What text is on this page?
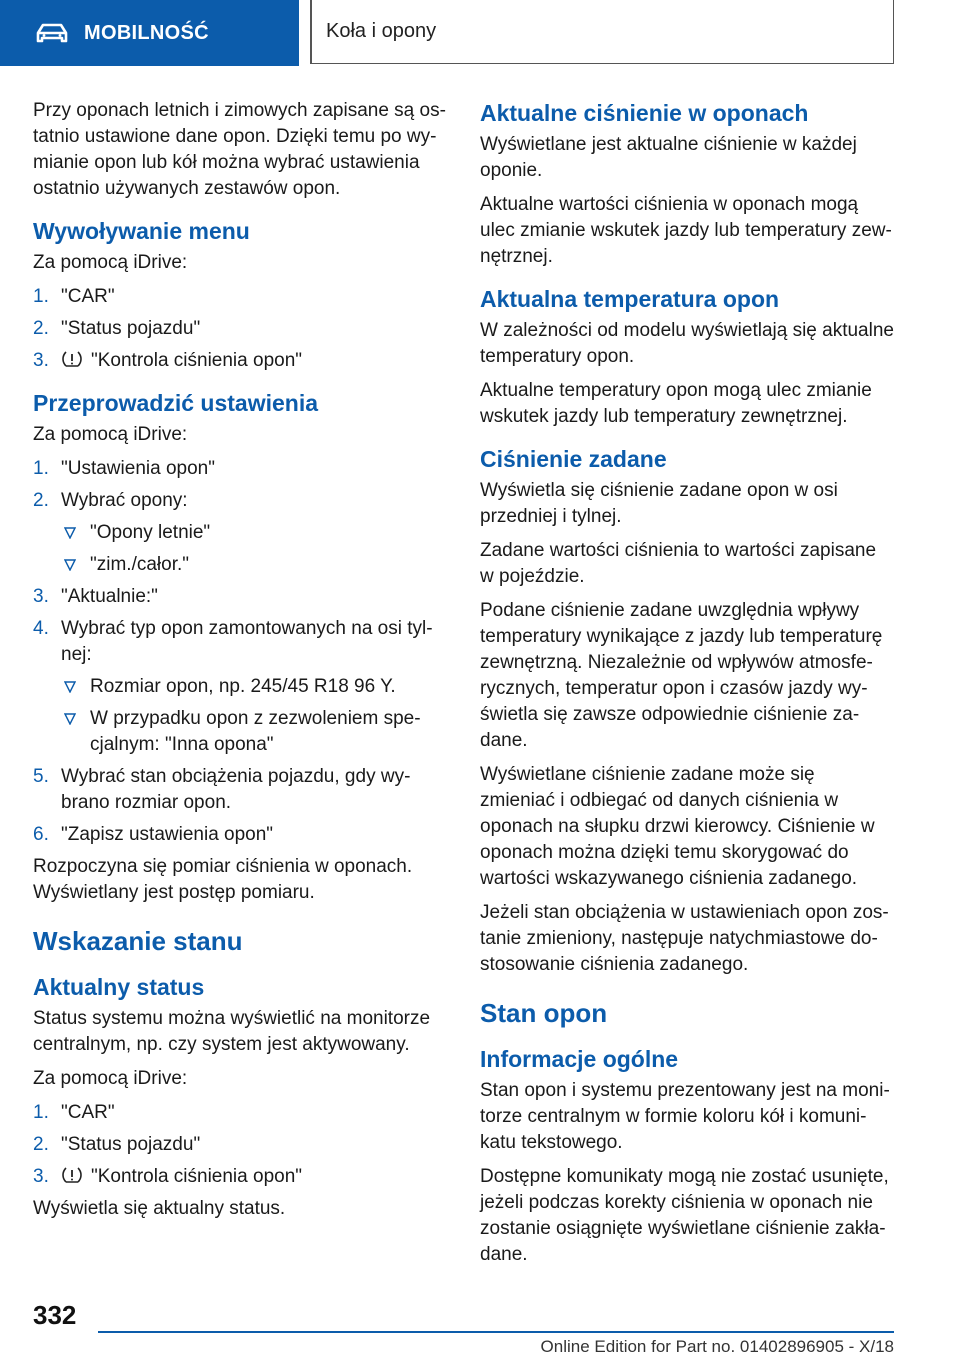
MOBILNOŚĆ	Koła i opony

Przy oponach letnich i zimowych zapisane są ostatnio ustawione dane opon. Dzięki temu po wymianie opon lub kół można wybrać ustawienia ostatnio używanych zestawów opon.

Wywoływanie menu

Za pomocą iDrive:

1. "CAR"
2. "Status pojazdu"
3. "Kontrola ciśnienia opon"
Przeprowadzić ustawienia

Za pomocą iDrive:

1. "Ustawienia opon"
2. Wybrać opony:
"Opony letnie"
"zim./całor."
3. "Aktualnie:"
4. Wybrać typ opon zamontowanych na osi tylnej:
Rozmiar opon, np. 245/45 R18 96 Y.
W przypadku opon z zezwoleniem specjalnym: "Inna opona"
5. Wybrać stan obciążenia pojazdu, gdy wybrano rozmiar opon.
6. "Zapisz ustawienia opon"

Rozpoczyna się pomiar ciśnienia w oponach. Wyświetlany jest postęp pomiaru.

Wskazanie stanu
Aktualny status

Status systemu można wyświetlić na monitorze centralnym, np. czy system jest aktywowany.

Za pomocą iDrive:

1. "CAR"
2. "Status pojazdu"
3. "Kontrola ciśnienia opon"

Wyświetla się aktualny status.

Aktualne ciśnienie w oponach

Wyświetlane jest aktualne ciśnienie w każdej oponie.

Aktualne wartości ciśnienia w oponach mogą ulec zmianie wskutek jazdy lub temperatury zewnętrznej.

Aktualna temperatura opon

W zależności od modelu wyświetlają się aktualne temperatury opon.

Aktualne temperatury opon mogą ulec zmianie wskutek jazdy lub temperatury zewnętrznej.

Ciśnienie zadane

Wyświetla się ciśnienie zadane opon w osi przedniej i tylnej.

Zadane wartości ciśnienia to wartości zapisane w pojeździe.

Podane ciśnienie zadane uwzględnia wpływy temperatury wynikające z jazdy lub temperaturę zewnętrzną. Niezależnie od wpływów atmosferycznych, temperatur opon i czasów jazdy wyświetla się zawsze odpowiednie ciśnienie zadane.

Wyświetlane ciśnienie zadane może się zmieniać i odbiegać od danych ciśnienia w oponach na słupku drzwi kierowcy. Ciśnienie w oponach można dzięki temu skorygować do wartości wskazywanego ciśnienia zadanego.

Jeżeli stan obciążenia w ustawieniach opon zostanie zmieniony, następuje natychmiastowe dostosowanie ciśnienia zadanego.

Stan opon
Informacje ogólne

Stan opon i systemu prezentowany jest na monitorze centralnym w formie koloru kół i komunikatu tekstowego.

Dostępne komunikaty mogą nie zostać usunięte, jeżeli podczas korekty ciśnienia w oponach nie zostanie osiągnięte wyświetlane ciśnienie zakładane.

332
Online Edition for Part no. 01402896905 - X/18
